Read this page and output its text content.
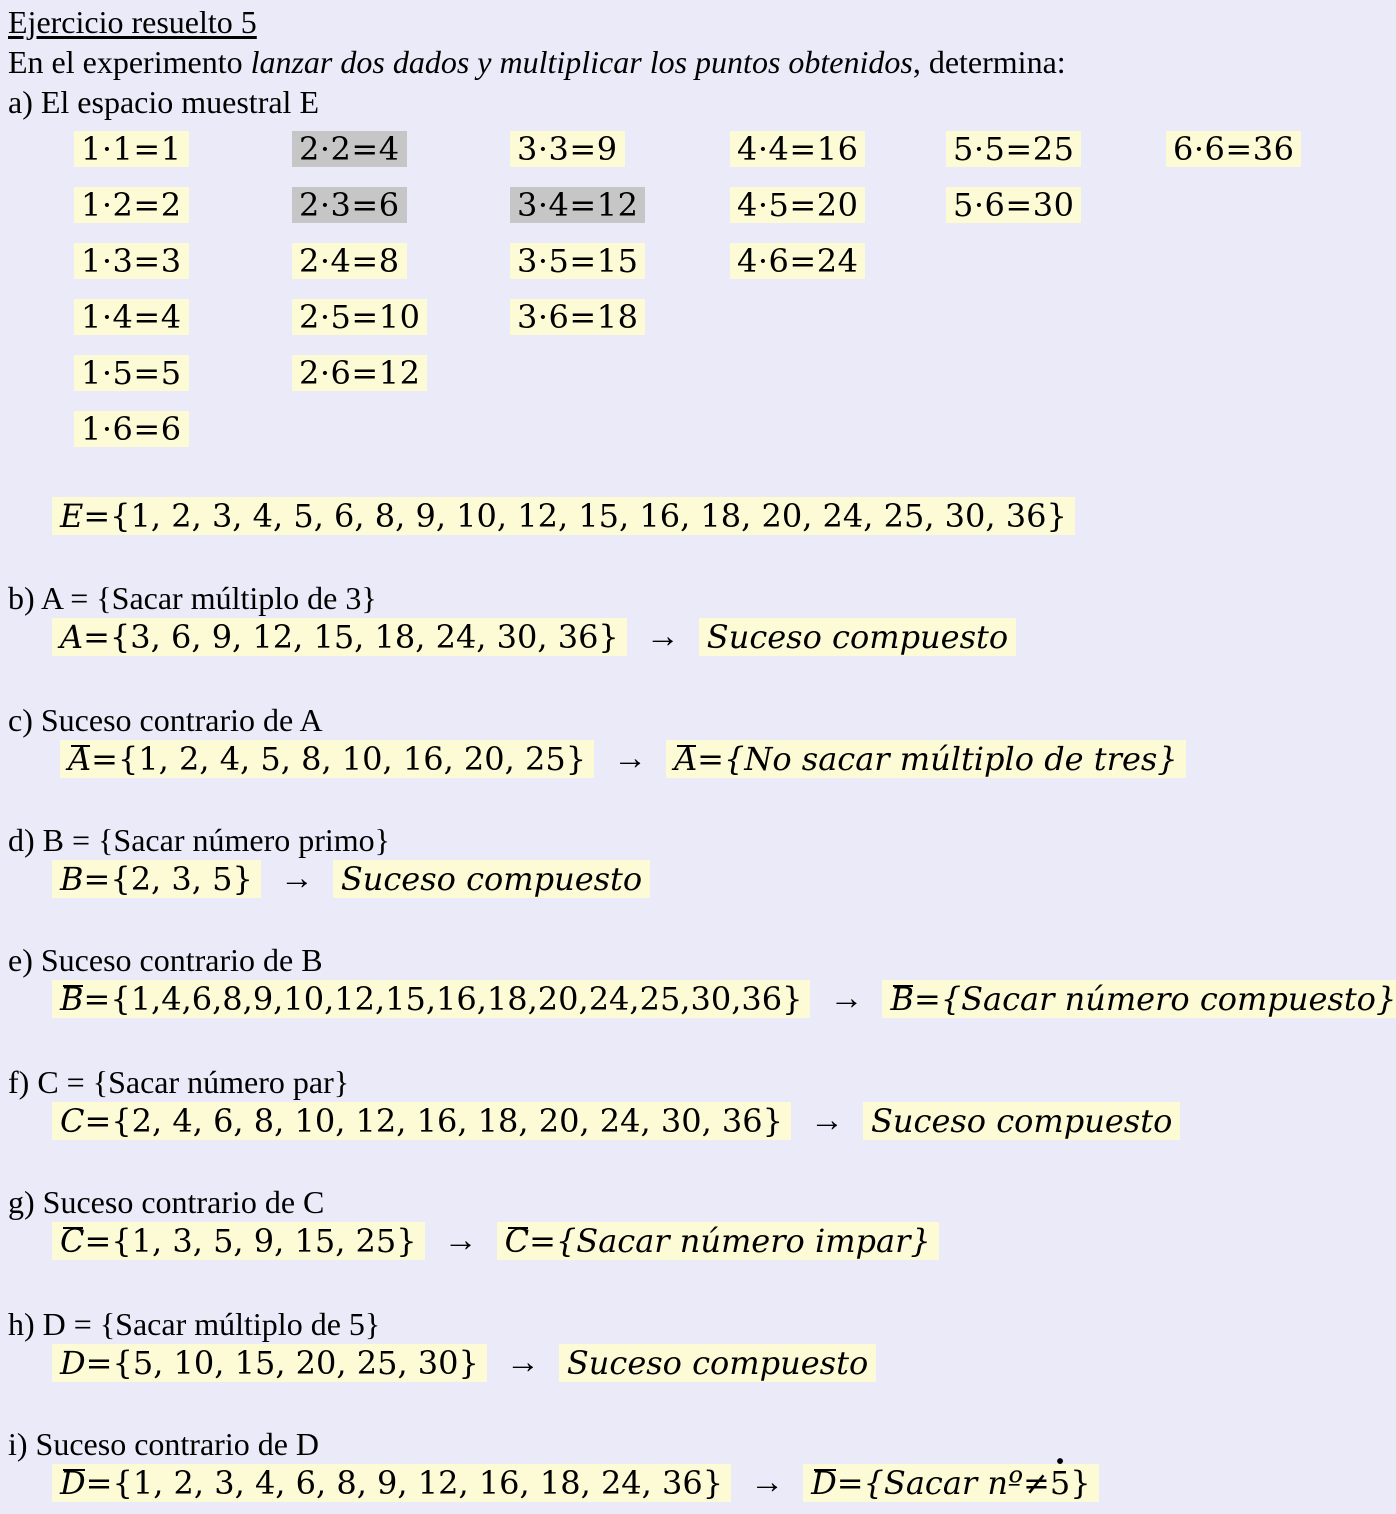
Ejercicio resuelto 5
En el experimento lanzar dos dados y multiplicar los puntos obtenidos, determina:
a) El espacio muestral E
1·1=1
1·2=2
1·3=3
1·4=4
1·5=5
1·6=6
2·2=4
2·3=6
2·4=8
2·5=10
2·6=12
3·3=9
3·4=12
3·5=15
3·6=18
4·4=16
4·5=20
4·6=24
5·5=25
5·6=30
6·6=36
E={1, 2, 3, 4, 5, 6, 8, 9, 10, 12, 15, 16, 18, 20, 24, 25, 30, 36}
b) A = {Sacar múltiplo de 3}
A={3, 6, 9, 12, 15, 18, 24, 30, 36} → Suceso compuesto
c) Suceso contrario de A
A={1, 2, 4, 5, 8, 10, 16, 20, 25} → A={No sacar múltiplo de tres}
d) B = {Sacar número primo}
B={2, 3, 5} → Suceso compuesto
e) Suceso contrario de B
B={1,4,6,8,9,10,12,15,16,18,20,24,25,30,36} → B={Sacar número compuesto}
f) C = {Sacar número par}
C={2, 4, 6, 8, 10, 12, 16, 18, 20, 24, 30, 36} → Suceso compuesto
g) Suceso contrario de C
C={1, 3, 5, 9, 15, 25} → C={Sacar número impar}
h) D = {Sacar múltiplo de 5}
D={5, 10, 15, 20, 25, 30} → Suceso compuesto
i) Suceso contrario de D
D={1, 2, 3, 4, 6, 8, 9, 12, 16, 18, 24, 36} → D={Sacar nº≠· 5}
